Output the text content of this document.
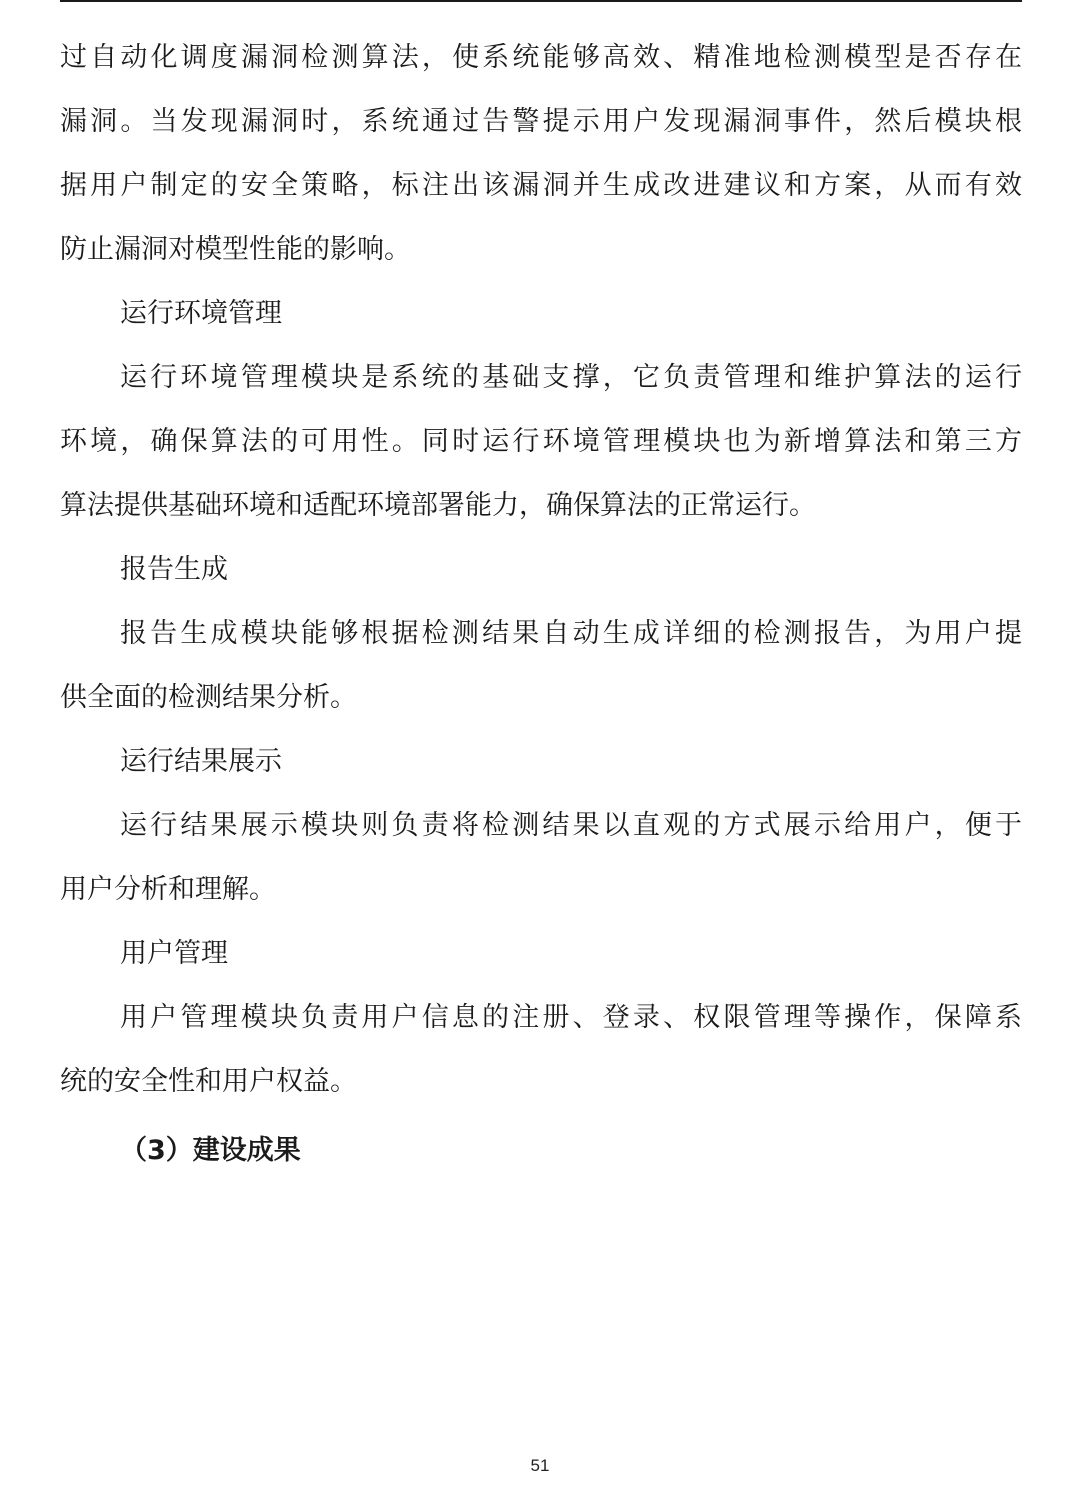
过自动化调度漏洞检测算法，使系统能够高效、精准地检测模型是否存在
漏洞。当发现漏洞时，系统通过告警提示用户发现漏洞事件，然后模块根
据用户制定的安全策略，标注出该漏洞并生成改进建议和方案，从而有效
防止漏洞对模型性能的影响。
运行环境管理
运行环境管理模块是系统的基础支撑，它负责管理和维护算法的运行
环境，确保算法的可用性。同时运行环境管理模块也为新增算法和第三方
算法提供基础环境和适配环境部署能力，确保算法的正常运行。
报告生成
报告生成模块能够根据检测结果自动生成详细的检测报告，为用户提
供全面的检测结果分析。
运行结果展示
运行结果展示模块则负责将检测结果以直观的方式展示给用户，便于
用户分析和理解。
用户管理
用户管理模块负责用户信息的注册、登录、权限管理等操作，保障系
统的安全性和用户权益。
（3）建设成果
51
